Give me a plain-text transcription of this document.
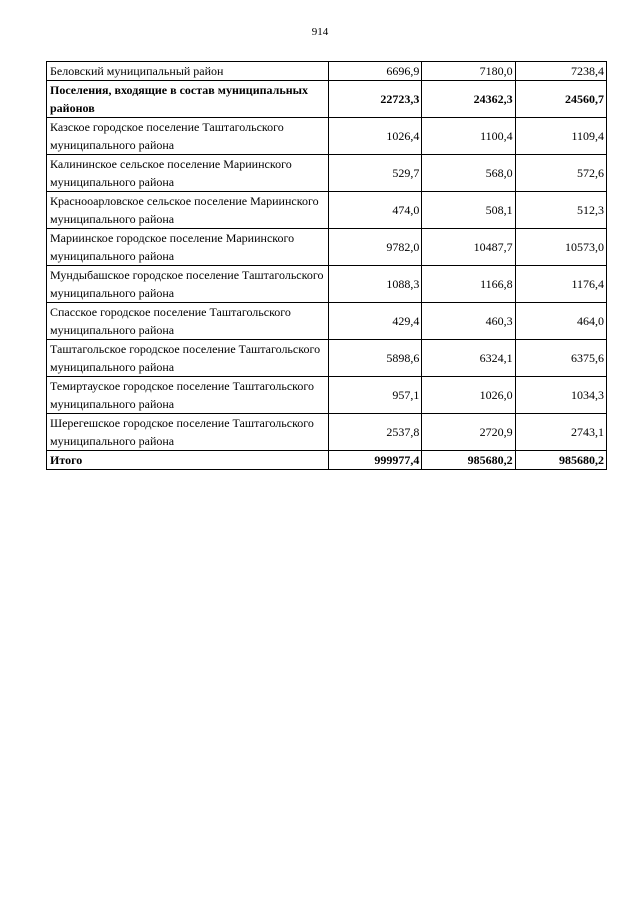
914
Беловский муниципальный район	6696,9	7180,0	7238,4
Поселения, входящие в состав муниципальных районов	22723,3	24362,3	24560,7
Казское городское поселение Таштагольского муниципального района	1026,4	1100,4	1109,4
Калининское сельское поселение Мариинского муниципального района	529,7	568,0	572,6
Краснооарловское сельское поселение Мариинского муниципального района	474,0	508,1	512,3
Мариинское городское поселение Мариинского муниципального района	9782,0	10487,7	10573,0
Мундыбашское городское поселение Таштагольского муниципального района	1088,3	1166,8	1176,4
Спасское городское поселение Таштагольского муниципального района	429,4	460,3	464,0
Таштагольское городское поселение Таштагольского муниципального района	5898,6	6324,1	6375,6
Темиртауское городское поселение Таштагольского муниципального района	957,1	1026,0	1034,3
Шерегешское городское поселение Таштагольского муниципального района	2537,8	2720,9	2743,1
Итого	999977,4	985680,2	985680,2
